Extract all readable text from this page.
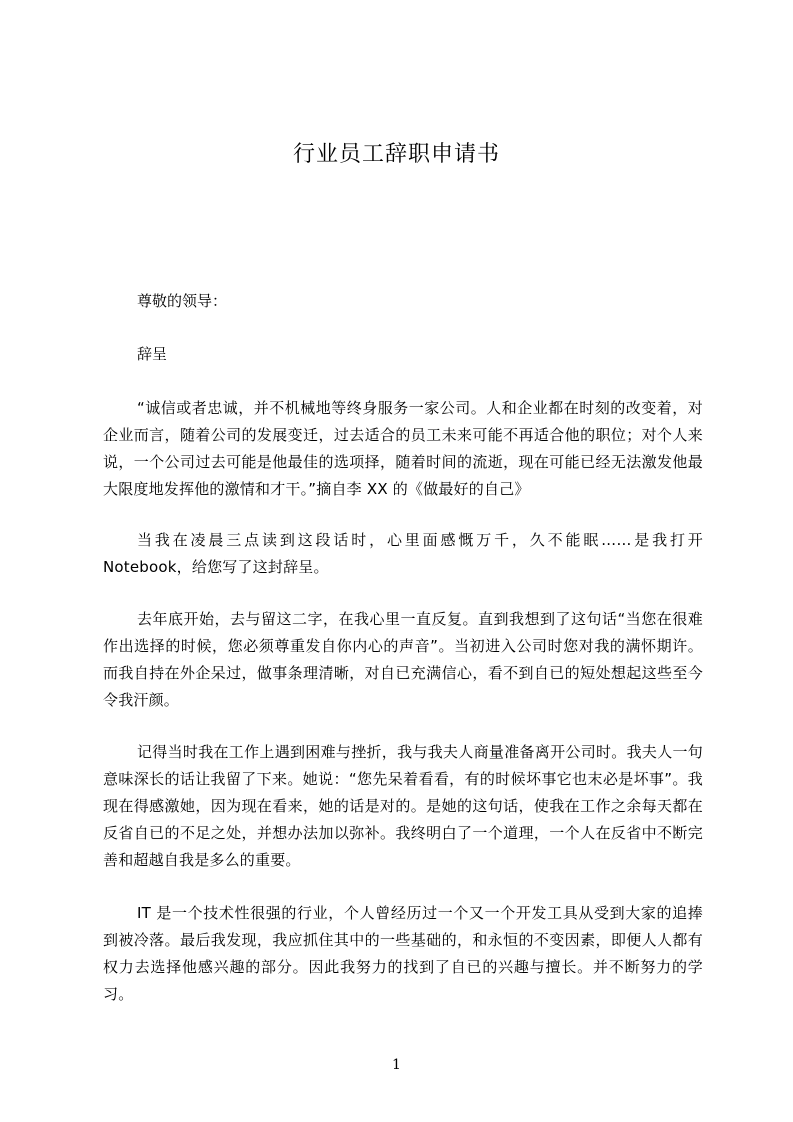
行业员工辞职申请书
尊敬的领导：
辞呈
“诚信或者忠诚，并不机械地等终身服务一家公司。人和企业都在时刻的改变着，对企业而言，随着公司的发展变迁，过去适合的员工未来可能不再适合他的职位；对个人来说，一个公司过去可能是他最佳的选项择，随着时间的流逝，现在可能已经无法激发他最大限度地发挥他的激情和才干。”摘自李 XX 的《做最好的自己》
当我在凌晨三点读到这段话时，心里面感慨万千，久不能眠……是我打开 Notebook，给您写了这封辞呈。
去年底开始，去与留这二字，在我心里一直反复。直到我想到了这句话“当您在很难作出选择的时候，您必须尊重发自你内心的声音”。当初进入公司时您对我的满怀期许。而我自持在外企呆过，做事条理清晰，对自已充满信心，看不到自已的短处想起这些至今令我汗颜。
记得当时我在工作上遇到困难与挫折，我与我夫人商量准备离开公司时。我夫人一句意味深长的话让我留了下来。她说：“您先呆着看看，有的时候坏事它也末必是坏事”。我现在得感激她，因为现在看来，她的话是对的。是她的这句话，使我在工作之余每天都在反省自已的不足之处，并想办法加以弥补。我终明白了一个道理，一个人在反省中不断完善和超越自我是多么的重要。
IT 是一个技术性很强的行业，个人曾经历过一个又一个开发工具从受到大家的追捧到被冷落。最后我发现，我应抓住其中的一些基础的，和永恒的不变因素，即便人人都有权力去选择他感兴趣的部分。因此我努力的找到了自已的兴趣与擅长。并不断努力的学习。
1
